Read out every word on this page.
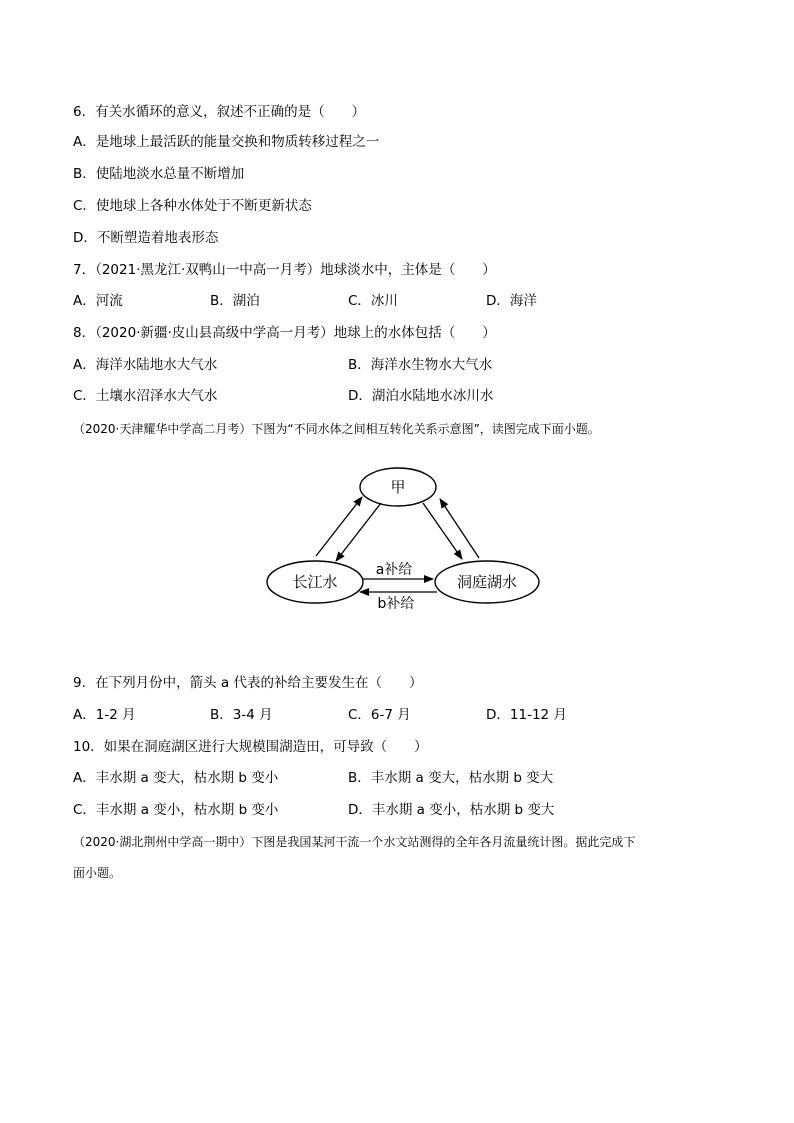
6．有关水循环的意义，叙述不正确的是（　　）
A．是地球上最活跃的能量交换和物质转移过程之一
B．使陆地淡水总量不断增加
C．使地球上各种水体处于不断更新状态
D．不断塑造着地表形态
7．（2021·黑龙江·双鸭山一中高一月考）地球淡水中，主体是（　　）
A．河流	B．湖泊	C．冰川	D．海洋
8．（2020·新疆·皮山县高级中学高一月考）地球上的水体包括（　　）
A．海洋水陆地水大气水	B．海洋水生物水大气水
C．土壤水沼泽水大气水	D．湖泊水陆地水冰川水
（2020·天津耀华中学高二月考）下图为“不同水体之间相互转化关系示意图”，读图完成下面小题。
甲
长江水	洞庭湖水
a补给
b补给
9．在下列月份中，箭头 a 代表的补给主要发生在（　　）
A．1-2 月	B．3-4 月	C．6-7 月	D．11-12 月
10．如果在洞庭湖区进行大规模围湖造田，可导致（　　）
A．丰水期 a 变大，枯水期 b 变小	B．丰水期 a 变大，枯水期 b 变大
C．丰水期 a 变小，枯水期 b 变小	D．丰水期 a 变小，枯水期 b 变大
（2020·湖北荆州中学高一期中）下图是我国某河干流一个水文站测得的全年各月流量统计图。据此完成下
面小题。
